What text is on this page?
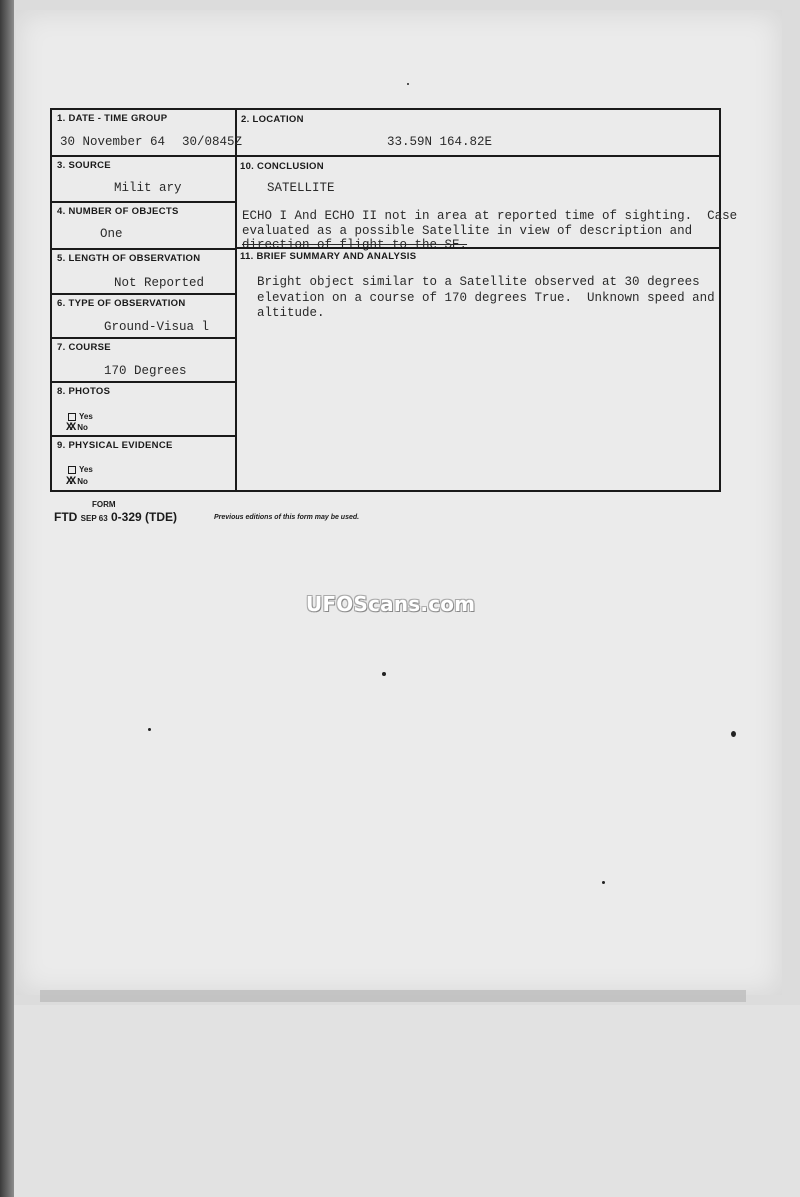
1. DATE - TIME GROUP
30 November 64 30/0845Z
3. SOURCE
Milit ary
4. NUMBER OF OBJECTS
One
5. LENGTH OF OBSERVATION
Not Reported
6. TYPE OF OBSERVATION
Ground-Visua l
7. COURSE
170 Degrees
8. PHOTOS
Yes
XX No
9. PHYSICAL EVIDENCE
Yes
XX No
2. LOCATION
33.59N 164.82E
10. CONCLUSION
SATELLITE
ECHO I And ECHO II not in area at reported time of sighting.  Case
evaluated as a possible Satellite in view of description and
direction of flight to the SE.
11. BRIEF SUMMARY AND ANALYSIS
Bright object similar to a Satellite observed at 30 degrees
elevation on a course of 170 degrees True.  Unknown speed and
altitude.
FORM
FTD SEP 63 0-329 (TDE)	Previous editions of this form may be used.
UFOScans.com
